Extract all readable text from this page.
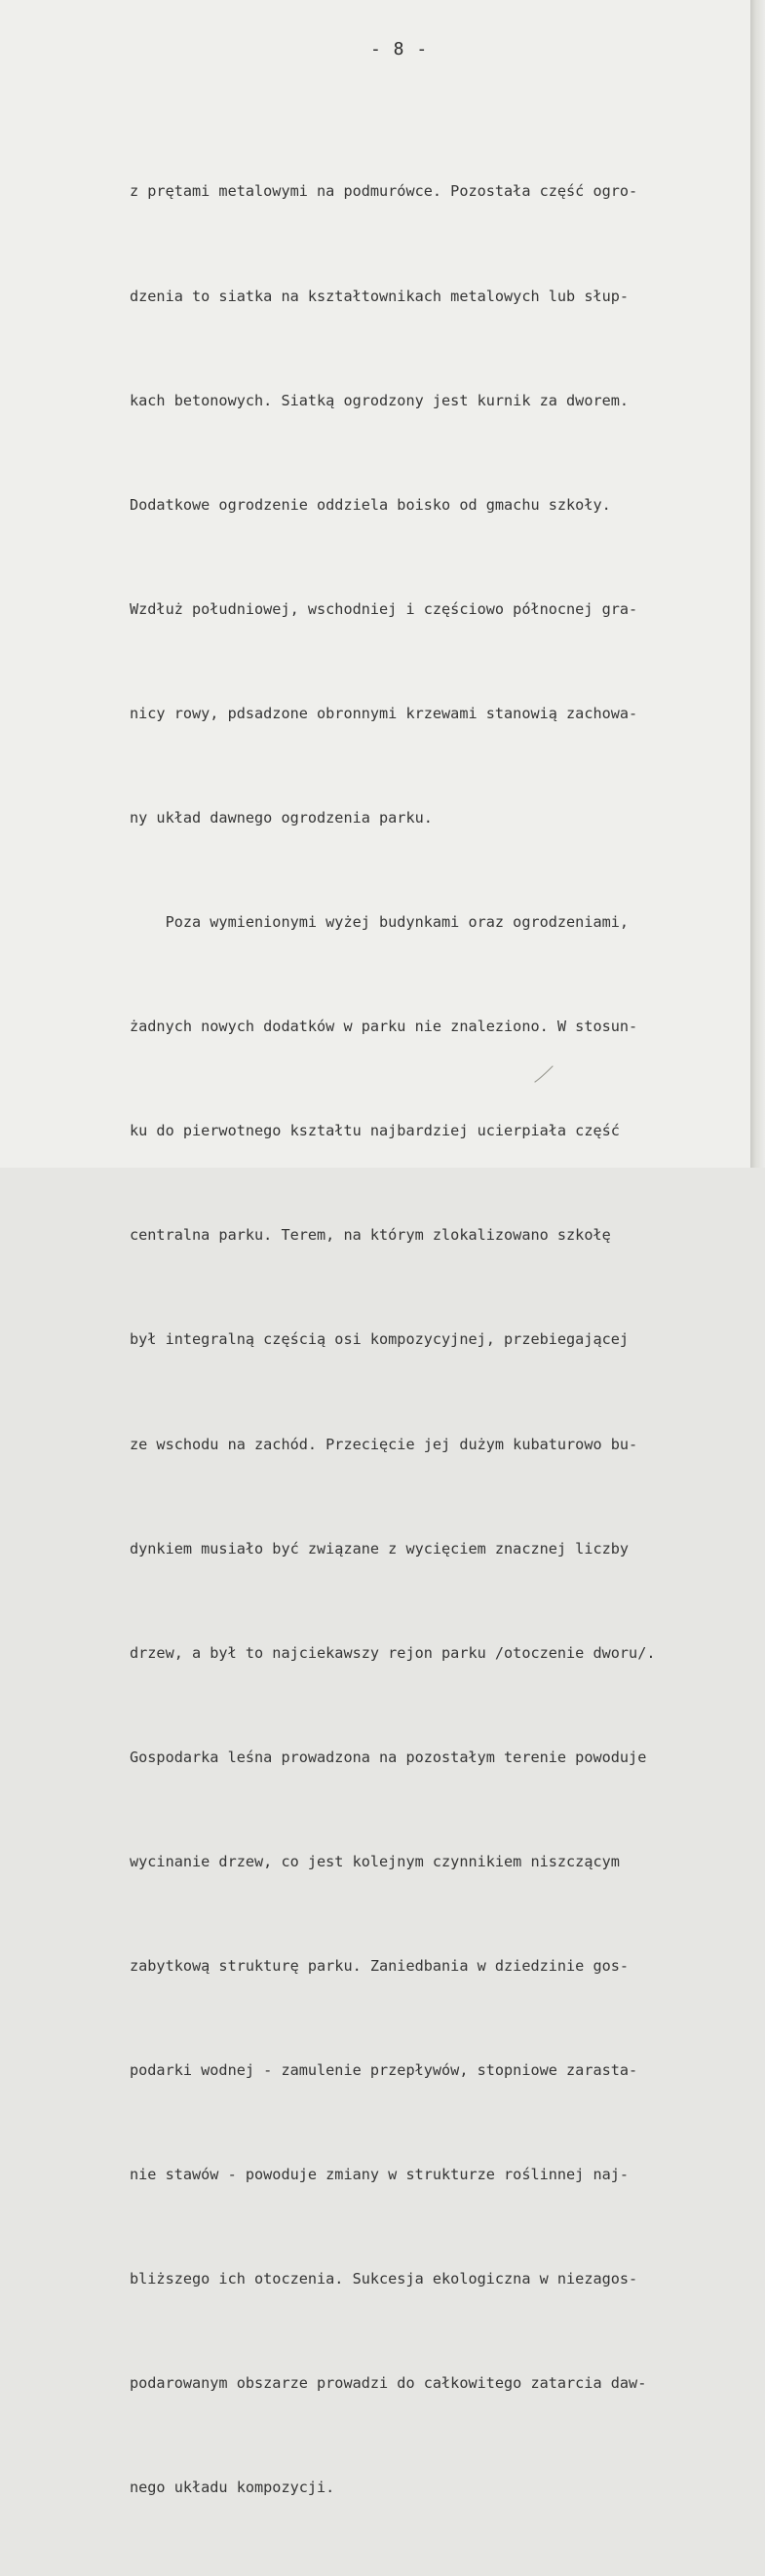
- 8 -

z prętami metalowymi na podmurówce. Pozostała część ogro-

dzenia to siatka na kształtownikach metalowych lub słup-

kach betonowych. Siatką ogrodzony jest kurnik za dworem.

Dodatkowe ogrodzenie oddziela boisko od gmachu szkoły.

Wzdłuż południowej, wschodniej i częściowo północnej gra-

nicy rowy, pdsadzone obronnymi krzewami stanowią zachowa-

ny układ dawnego ogrodzenia parku.

Poza wymienionymi wyżej budynkami oraz ogrodzeniami,

żadnych nowych dodatków w parku nie znaleziono. W stosun-

ku do pierwotnego kształtu najbardziej ucierpiała część

centralna parku. Terem, na którym zlokalizowano szkołę

był integralną częścią osi kompozycyjnej, przebiegającej

ze wschodu na zachód. Przecięcie jej dużym kubaturowo bu-

dynkiem musiało być związane z wycięciem znacznej liczby

drzew, a był to najciekawszy rejon parku /otoczenie dworu/.

Gospodarka leśna prowadzona na pozostałym terenie powoduje

wycinanie drzew, co jest kolejnym czynnikiem niszczącym

zabytkową strukturę parku. Zaniedbania w dziedzinie gos-

podarki wodnej - zamulenie przepływów, stopniowe zarasta-

nie stawów - powoduje zmiany w strukturze roślinnej naj-

bliższego ich otoczenia. Sukcesja ekologiczna w niezagos-

podarowanym obszarze prowadzi do całkowitego zatarcia daw-

nego układu kompozycji.
